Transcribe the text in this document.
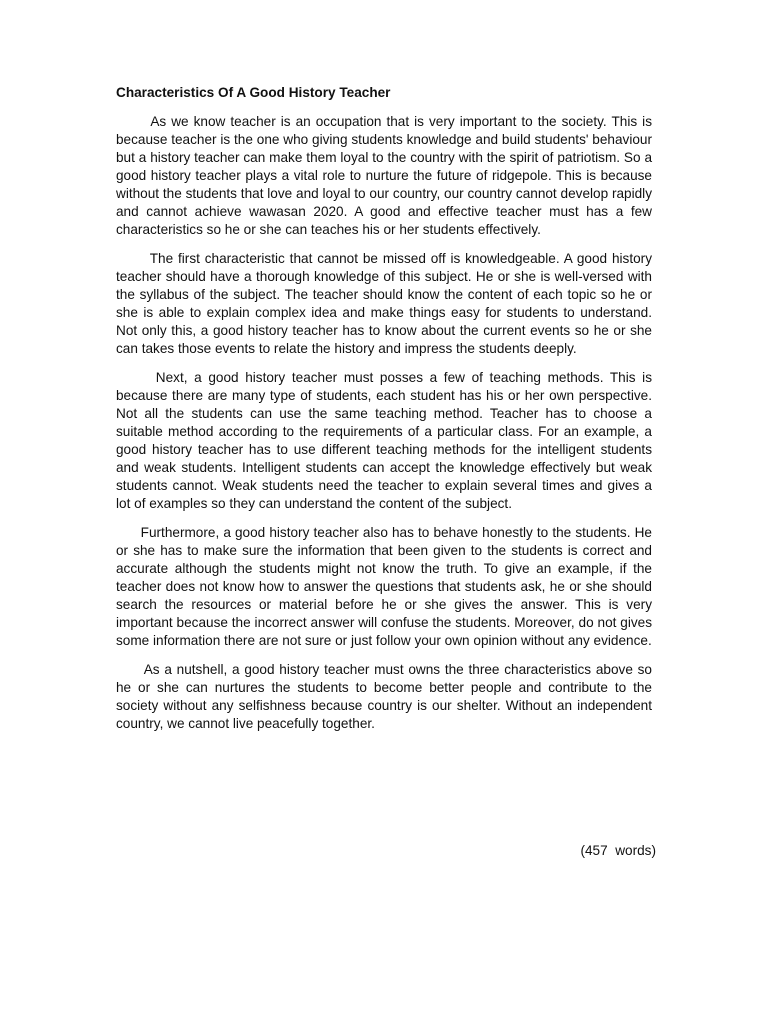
Characteristics Of A Good History Teacher

As we know teacher is an occupation that is very important to the society. This is because teacher is the one who giving students knowledge and build students' behaviour but a history teacher can make them loyal to the country with the spirit of patriotism. So a good history teacher plays a vital role to nurture the future of ridgepole. This is because without the students that love and loyal to our country, our country cannot develop rapidly and cannot achieve wawasan 2020. A good and effective teacher must has a few characteristics so he or she can teaches his or her students effectively.

The first characteristic that cannot be missed off is knowledgeable. A good history teacher should have a thorough knowledge of this subject. He or she is well-versed with the syllabus of the subject. The teacher should know the content of each topic so he or she is able to explain complex idea and make things easy for students to understand. Not only this, a good history teacher has to know about the current events so he or she can takes those events to relate the history and impress the students deeply.

Next, a good history teacher must posses a few of teaching methods. This is because there are many type of students, each student has his or her own perspective. Not all the students can use the same teaching method. Teacher has to choose a suitable method according to the requirements of a particular class. For an example, a good history teacher has to use different teaching methods for the intelligent students and weak students. Intelligent students can accept the knowledge effectively but weak students cannot. Weak students need the teacher to explain several times and gives a lot of examples so they can understand the content of the subject.

Furthermore, a good history teacher also has to behave honestly to the students. He or she has to make sure the information that been given to the students is correct and accurate although the students might not know the truth. To give an example, if the teacher does not know how to answer the questions that students ask, he or she should search the resources or material before he or she gives the answer. This is very important because the incorrect answer will confuse the students. Moreover, do not gives some information there are not sure or just follow your own opinion without any evidence.

As a nutshell, a good history teacher must owns the three characteristics above so he or she can nurtures the students to become better people and contribute to the society without any selfishness because country is our shelter. Without an independent country, we cannot live peacefully together.

(457  words)
